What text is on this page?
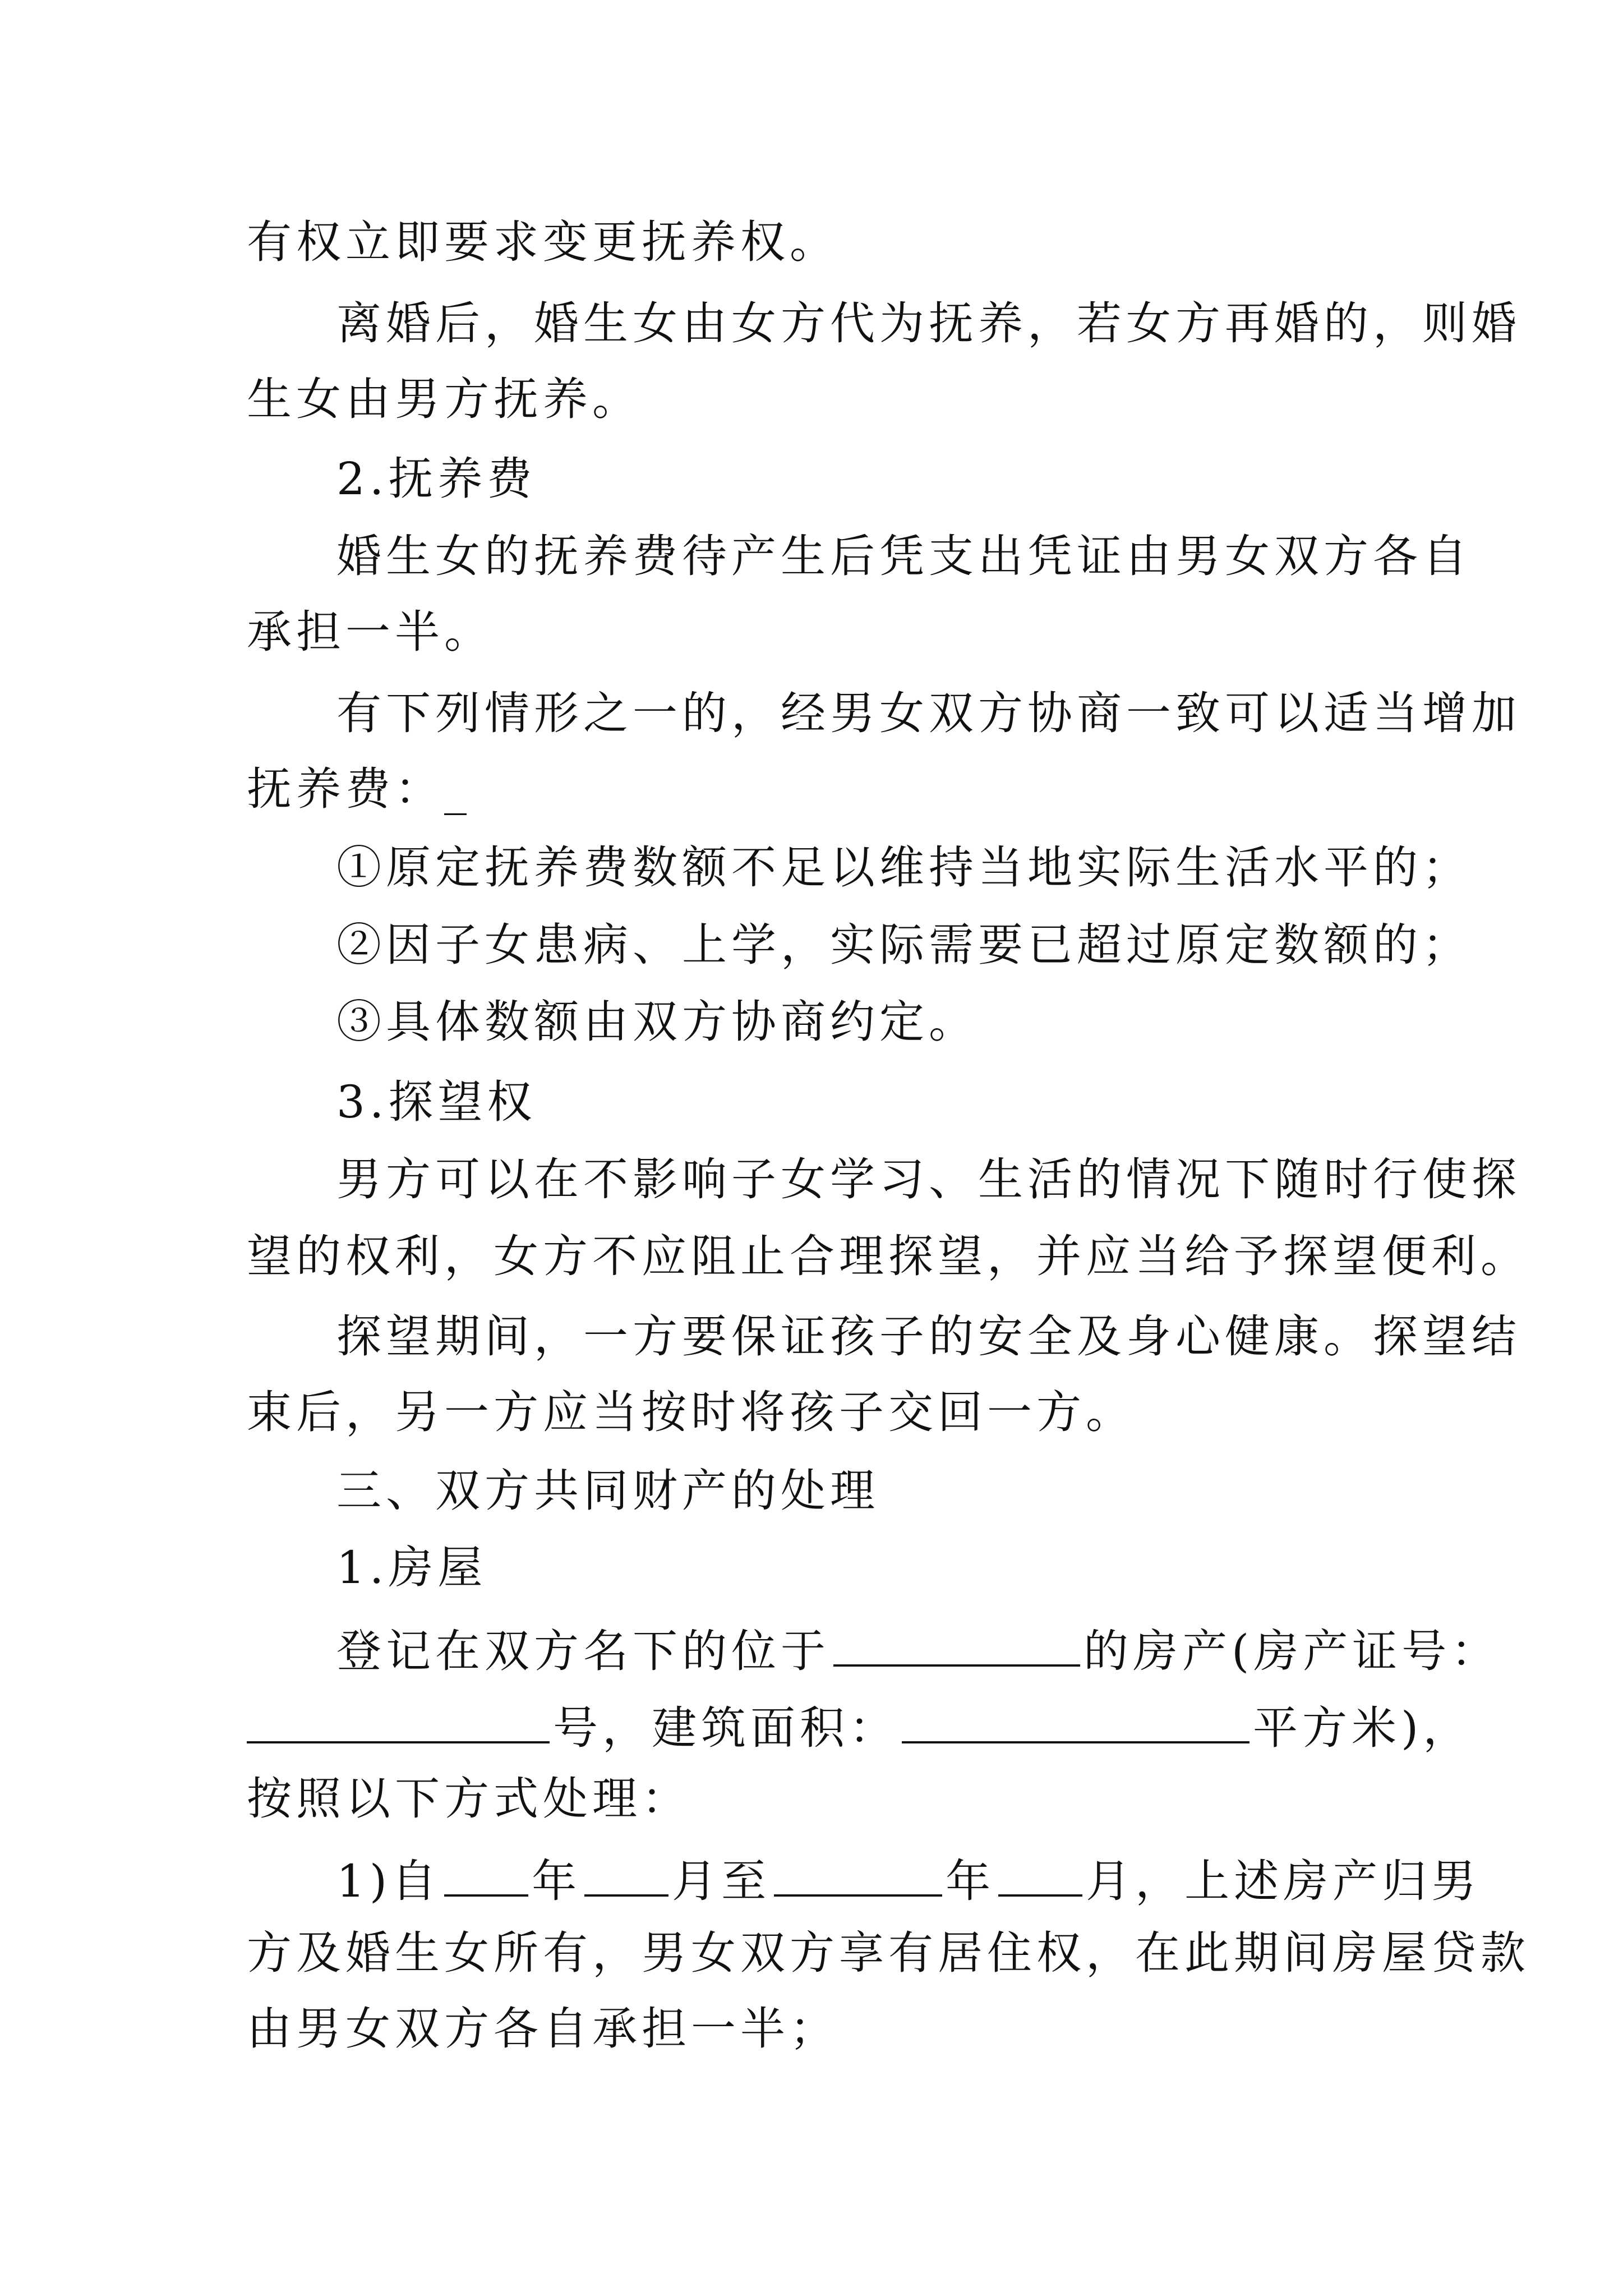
有权立即要求变更抚养权。
离婚后，婚生女由女方代为抚养，若女方再婚的，则婚
生女由男方抚养。
2.抚养费
婚生女的抚养费待产生后凭支出凭证由男女双方各自
承担一半。
有下列情形之一的，经男女双方协商一致可以适当增加
抚养费：_
①原定抚养费数额不足以维持当地实际生活水平的；
②因子女患病、上学，实际需要已超过原定数额的；
③具体数额由双方协商约定。
3.探望权
男方可以在不影响子女学习、生活的情况下随时行使探
望的权利，女方不应阻止合理探望，并应当给予探望便利。
探望期间，一方要保证孩子的安全及身心健康。探望结
束后，另一方应当按时将孩子交回一方。
三、双方共同财产的处理
1.房屋
登记在双方名下的位于	的房产(房产证号：
号，建筑面积：	平方米)，
按照以下方式处理：
1)自 年 月至	年 月，上述房产归男
方及婚生女所有，男女双方享有居住权，在此期间房屋贷款
由男女双方各自承担一半；
